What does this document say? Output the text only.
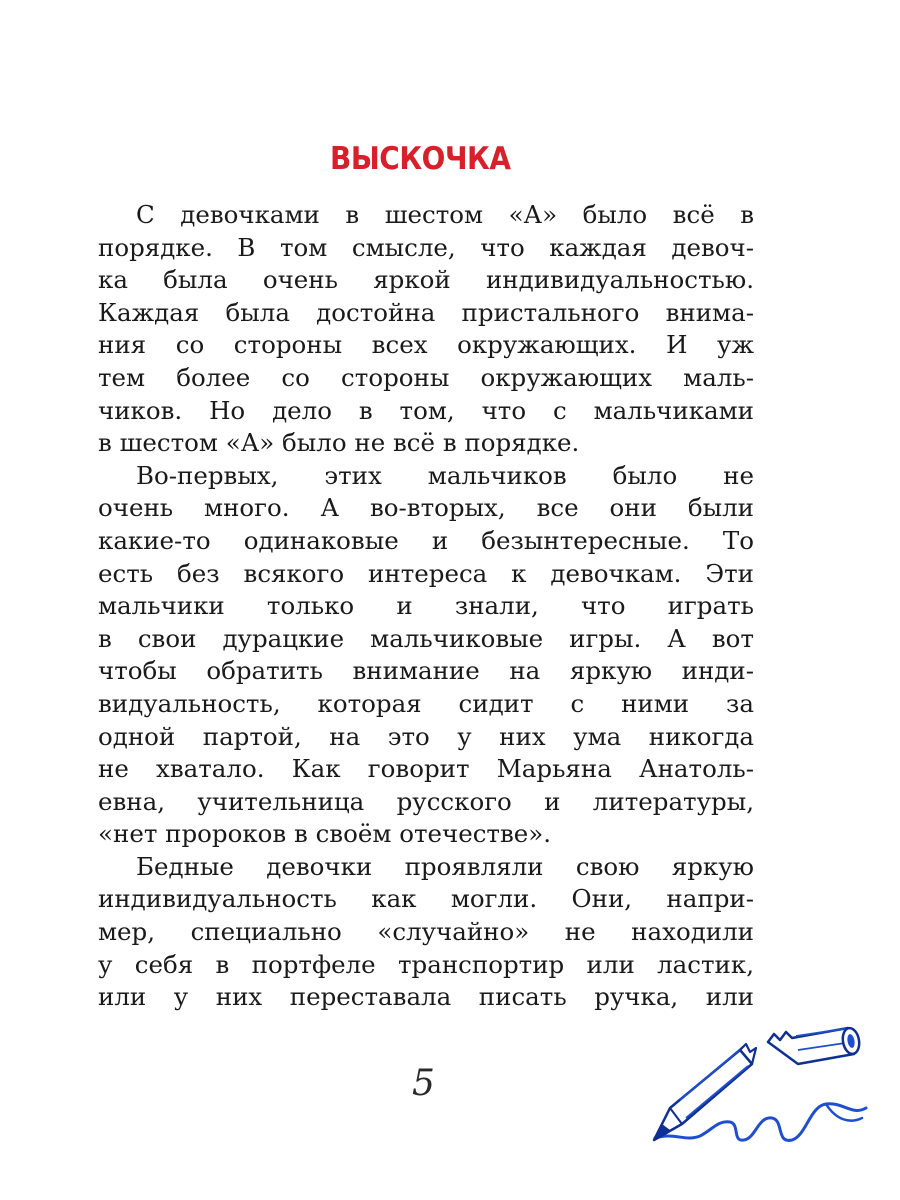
ВЫСКОЧКА
С девочками в шестом «А» было всё в
порядке. В том смысле, что каждая девоч-
ка была очень яркой индивидуальностью.
Каждая была достойна пристального внима-
ния со стороны всех окружающих. И уж
тем более со стороны окружающих маль-
чиков. Но дело в том, что с мальчиками
в шестом «А» было не всё в порядке.
Во-первых, этих мальчиков было не
очень много. А во-вторых, все они были
какие-то одинаковые и безынтересные. То
есть без всякого интереса к девочкам. Эти
мальчики только и знали, что играть
в свои дурацкие мальчиковые игры. А вот
чтобы обратить внимание на яркую инди-
видуальность, которая сидит с ними за
одной партой, на это у них ума никогда
не хватало. Как говорит Марьяна Анатоль-
евна, учительница русского и литературы,
«нет пророков в своём отечестве».
Бедные девочки проявляли свою яркую
индивидуальность как могли. Они, напри-
мер, специально «случайно» не находили
у себя в портфеле транспортир или ластик,
или у них переставала писать ручка, или
5
